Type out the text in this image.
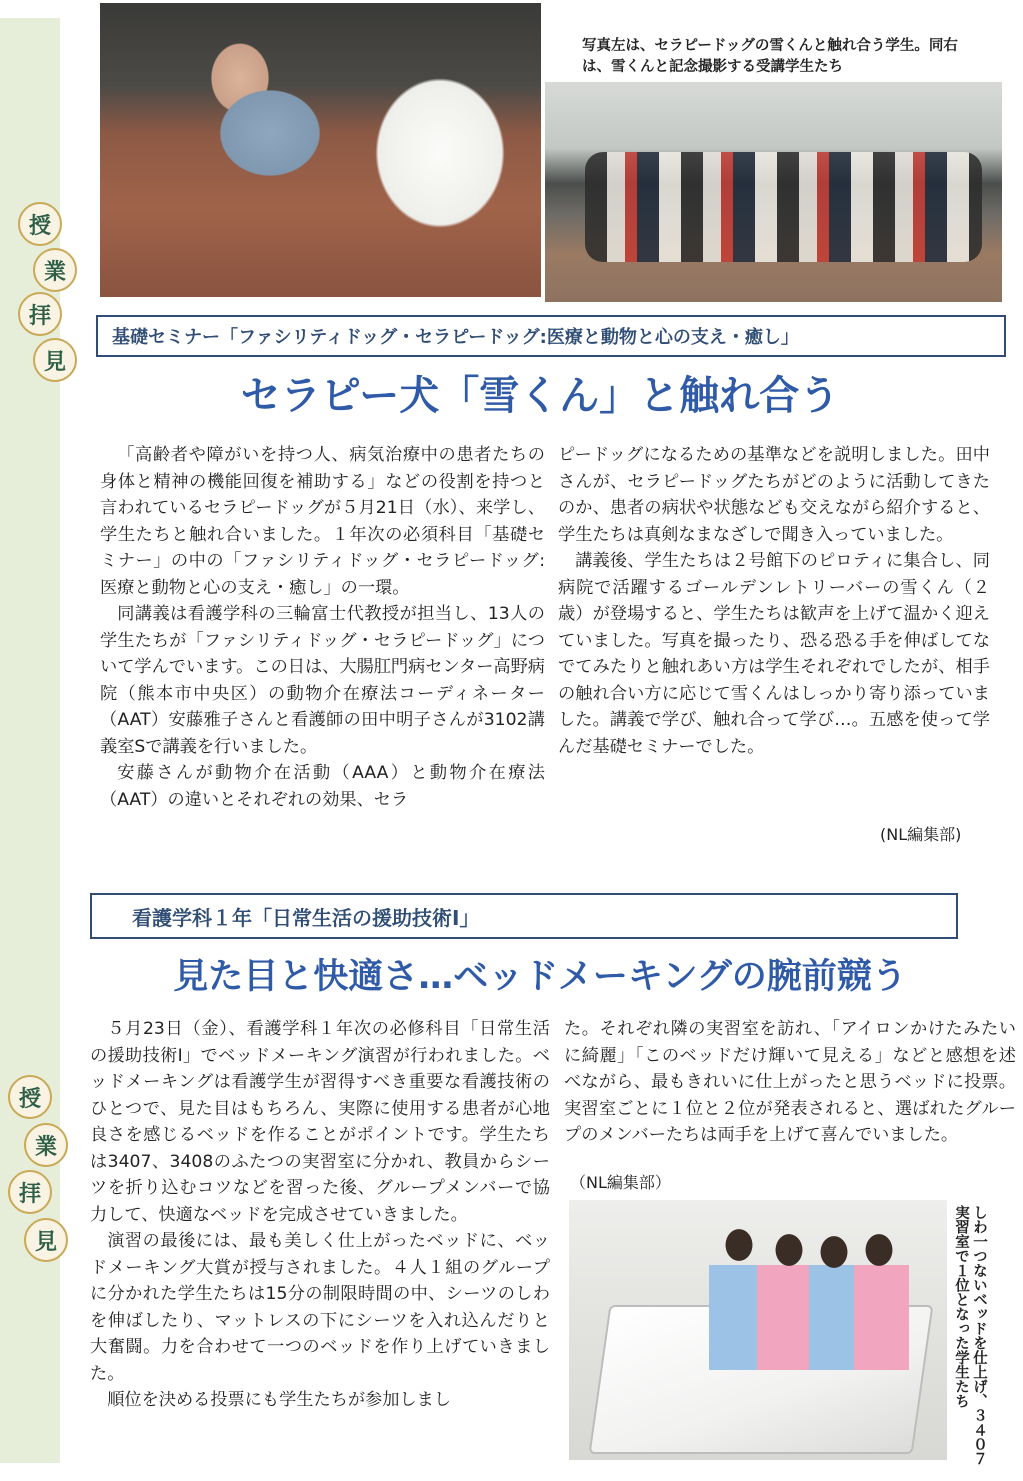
授
業
拝
見
授
業
拝
見
写真左は、セラピードッグの雪くんと触れ合う学生。同右は、雪くんと記念撮影する受講学生たち
基礎セミナー「ファシリティドッグ・セラピードッグ:医療と動物と心の支え・癒し」
セラピー犬「雪くん」と触れ合う

「高齢者や障がいを持つ人、病気治療中の患者たちの身体と精神の機能回復を補助する」などの役割を持つと言われているセラピードッグが５月21日（水）、来学し、学生たちと触れ合いました。１年次の必須科目「基礎セミナー」の中の「ファシリティドッグ・セラピードッグ:医療と動物と心の支え・癒し」の一環。

同講義は看護学科の三輪富士代教授が担当し、13人の学生たちが「ファシリティドッグ・セラピードッグ」について学んでいます。この日は、大腸肛門病センター高野病院（熊本市中央区）の動物介在療法コーディネーター（AAT）安藤雅子さんと看護師の田中明子さんが3102講義室Sで講義を行いました。

安藤さんが動物介在活動（AAA）と動物介在療法（AAT）の違いとそれぞれの効果、セラ

ピードッグになるための基準などを説明しました。田中さんが、セラピードッグたちがどのように活動してきたのか、患者の病状や状態なども交えながら紹介すると、学生たちは真剣なまなざしで聞き入っていました。

講義後、学生たちは２号館下のピロティに集合し、同病院で活躍するゴールデンレトリーバーの雪くん（２歳）が登場すると、学生たちは歓声を上げて温かく迎えていました。写真を撮ったり、恐る恐る手を伸ばしてなでてみたりと触れあい方は学生それぞれでしたが、相手の触れ合い方に応じて雪くんはしっかり寄り添っていました。講義で学び、触れ合って学び…。五感を使って学んだ基礎セミナーでした。

(NL編集部)
看護学科１年「日常生活の援助技術Ⅰ」
見た目と快適さ…ベッドメーキングの腕前競う

５月23日（金）、看護学科１年次の必修科目「日常生活の援助技術Ⅰ」でベッドメーキング演習が行われました。ベッドメーキングは看護学生が習得すべき重要な看護技術のひとつで、見た目はもちろん、実際に使用する患者が心地良さを感じるベッドを作ることがポイントです。学生たちは3407、3408のふたつの実習室に分かれ、教員からシーツを折り込むコツなどを習った後、グループメンバーで協力して、快適なベッドを完成させていきました。

演習の最後には、最も美しく仕上がったベッドに、ベッドメーキング大賞が授与されました。４人１組のグループに分かれた学生たちは15分の制限時間の中、シーツのしわを伸ばしたり、マットレスの下にシーツを入れ込んだりと大奮闘。力を合わせて一つのベッドを作り上げていきました。

順位を決める投票にも学生たちが参加しまし

た。それぞれ隣の実習室を訪れ、「アイロンかけたみたいに綺麗」「このベッドだけ輝いて見える」などと感想を述べながら、最もきれいに仕上がったと思うベッドに投票。実習室ごとに１位と２位が発表されると、選ばれたグループのメンバーたちは両手を上げて喜んでいました。

（NL編集部）
しわ一つないベッドを仕上げ、３４０７実習室で１位となった学生たち
